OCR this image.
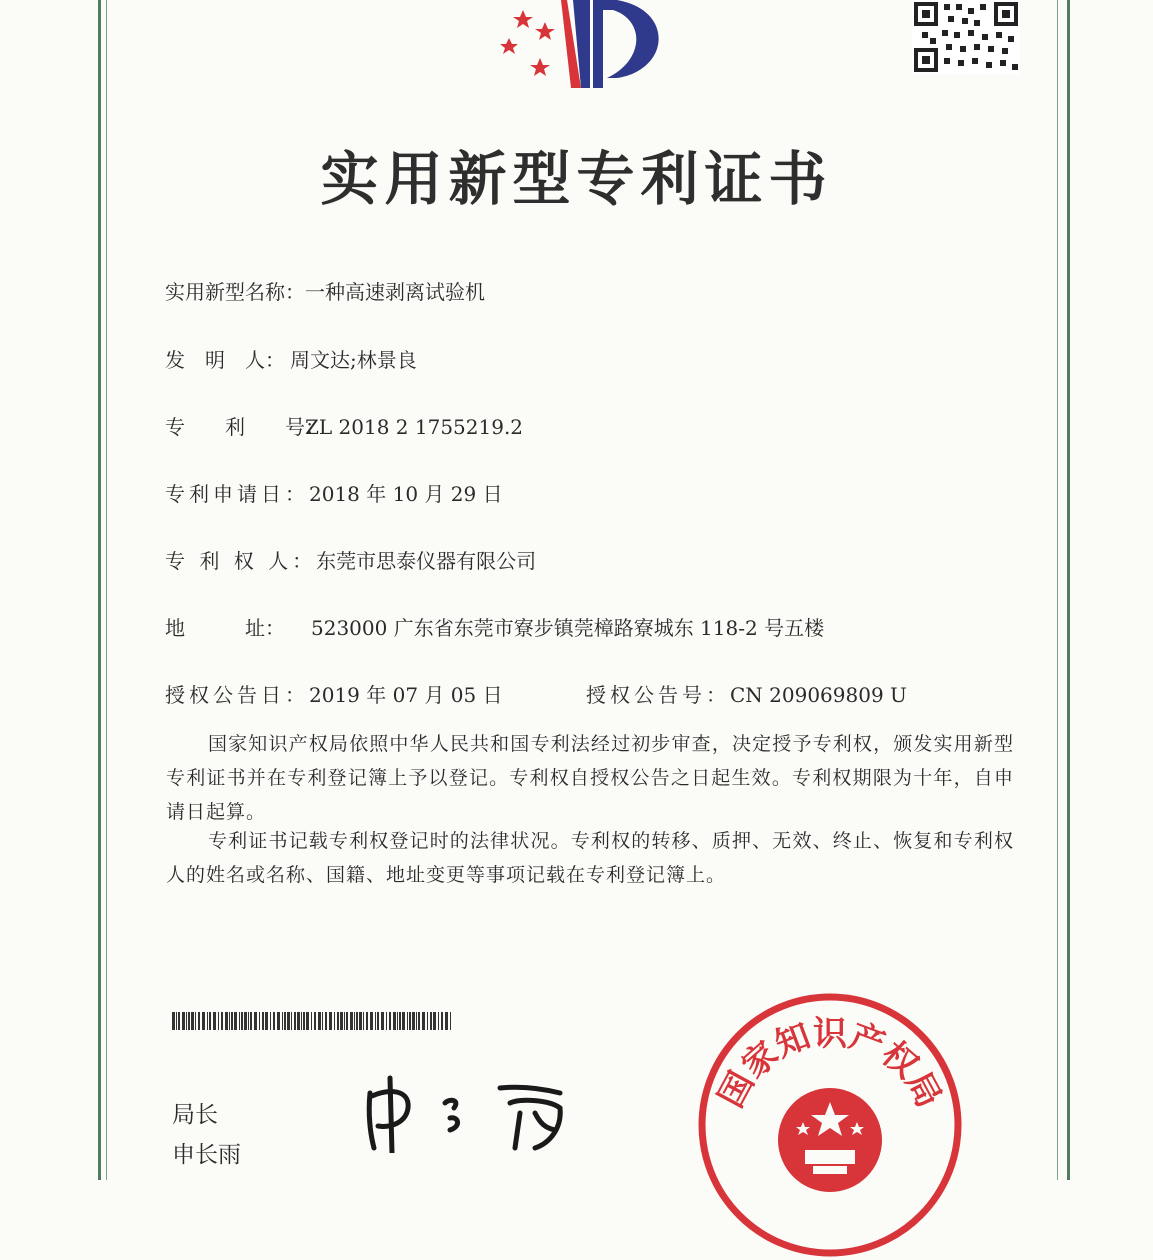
实用新型专利证书
实用新型名称：一种高速剥离试验机
发　明　人： 周文达;林景良
专　　利　　号：ZL 2018 2 1755219.2
专利申请日：2018 年 10 月 29 日
专 利 权 人：东莞市思泰仪器有限公司
地　　　址： 523000 广东省东莞市寮步镇莞樟路寮城东 118-2 号五楼
授权公告日：2019 年 07 月 05 日	授权公告号：CN 209069809 U
国家知识产权局依照中华人民共和国专利法经过初步审查，决定授予专利权，颁发实用新型专利证书并在专利登记簿上予以登记。专利权自授权公告之日起生效。专利权期限为十年，自申请日起算。
专利证书记载专利权登记时的法律状况。专利权的转移、质押、无效、终止、恢复和专利权人的姓名或名称、国籍、地址变更等事项记载在专利登记簿上。
局长
申长雨
国家知识产权局
